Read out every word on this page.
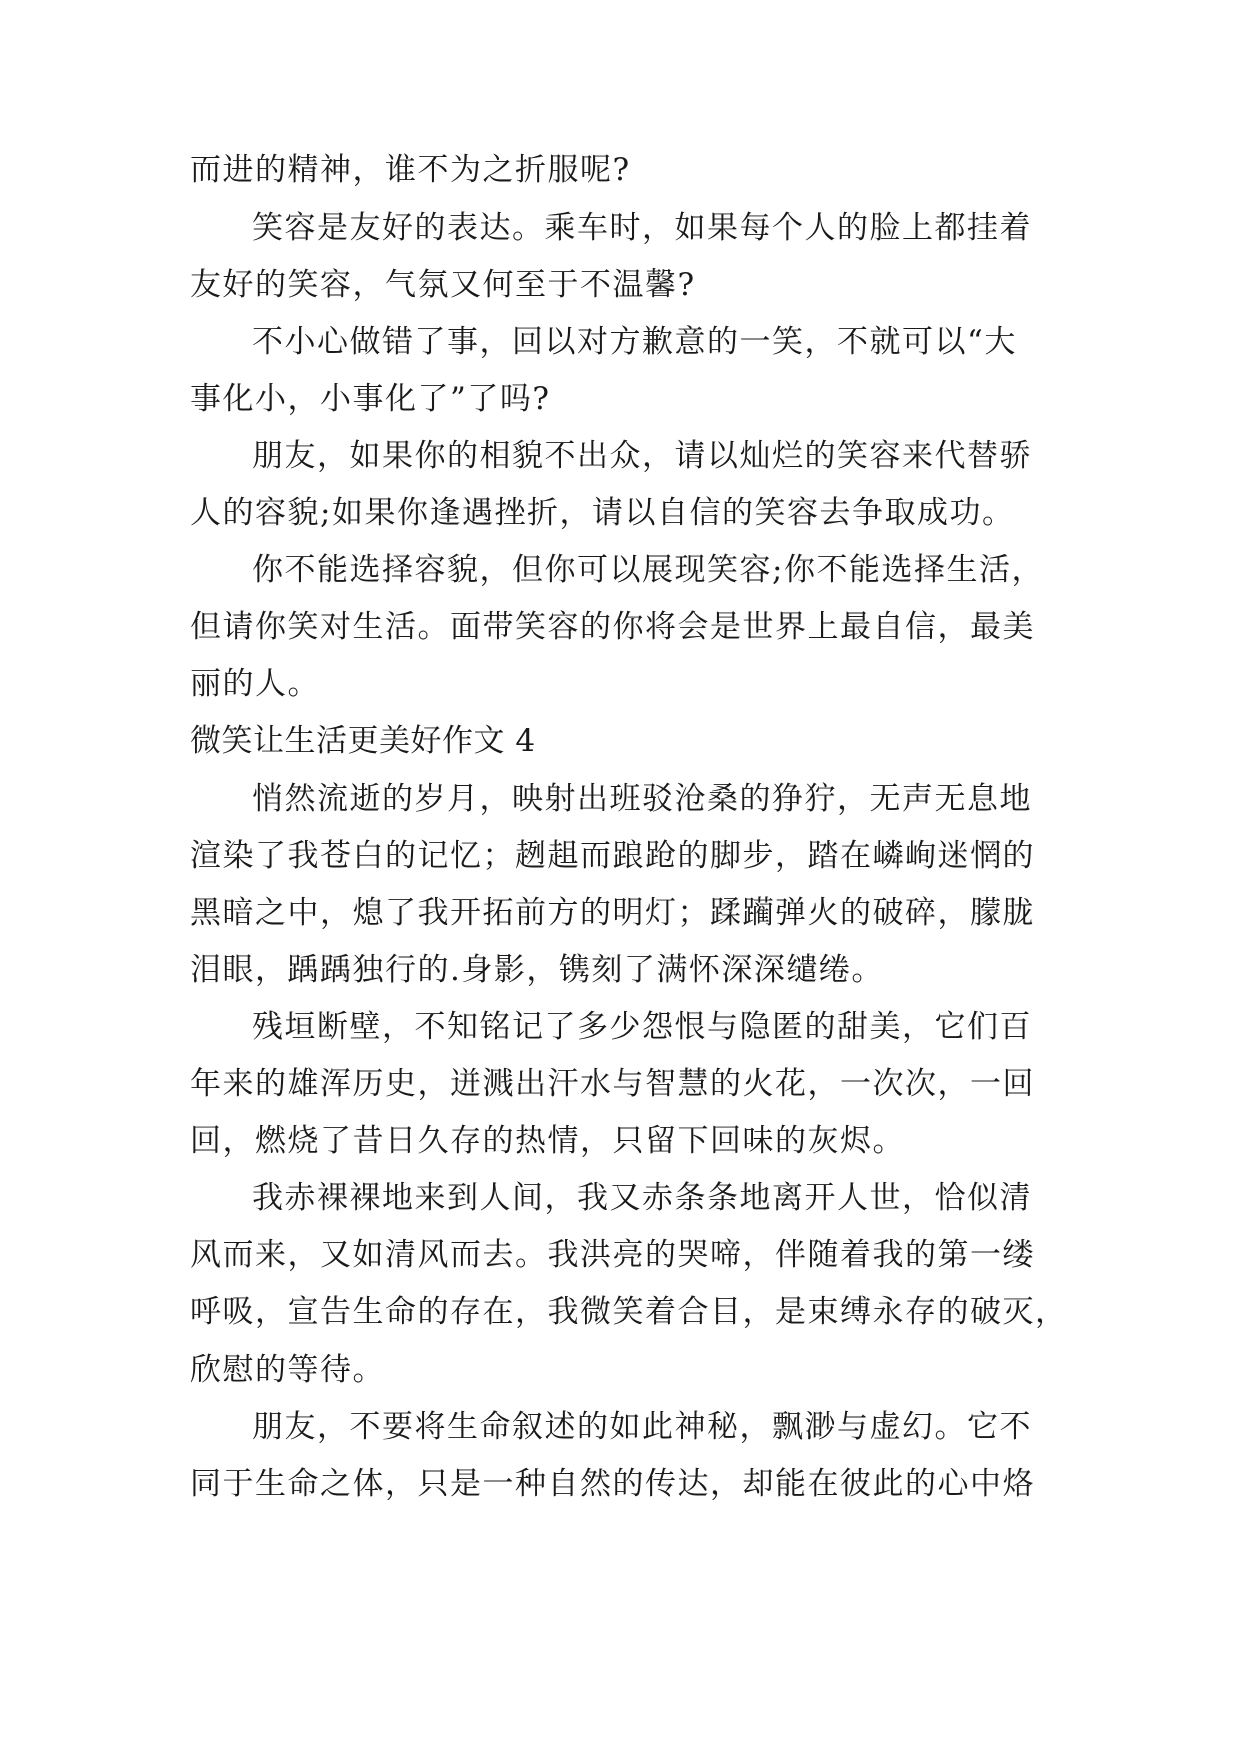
而进的精神，谁不为之折服呢?
笑容是友好的表达。乘车时，如果每个人的脸上都挂着
友好的笑容，气氛又何至于不温馨?
不小心做错了事，回以对方歉意的一笑，不就可以“大
事化小，小事化了”了吗?
朋友，如果你的相貌不出众，请以灿烂的笑容来代替骄
人的容貌;如果你逢遇挫折，请以自信的笑容去争取成功。
你不能选择容貌，但你可以展现笑容;你不能选择生活，
但请你笑对生活。面带笑容的你将会是世界上最自信，最美
丽的人。
微笑让生活更美好作文 4
悄然流逝的岁月，映射出班驳沧桑的狰狞，无声无息地
渲染了我苍白的记忆；趔趄而踉跄的脚步，踏在嶙峋迷惘的
黑暗之中，熄了我开拓前方的明灯；蹂躏弹火的破碎，朦胧
泪眼，踽踽独行的.身影，镌刻了满怀深深缱绻。
残垣断壁，不知铭记了多少怨恨与隐匿的甜美，它们百
年来的雄浑历史，迸溅出汗水与智慧的火花，一次次，一回
回，燃烧了昔日久存的热情，只留下回味的灰烬。
我赤裸裸地来到人间，我又赤条条地离开人世，恰似清
风而来，又如清风而去。我洪亮的哭啼，伴随着我的第一缕
呼吸，宣告生命的存在，我微笑着合目，是束缚永存的破灭，
欣慰的等待。
朋友，不要将生命叙述的如此神秘，飘渺与虚幻。它不
同于生命之体，只是一种自然的传达，却能在彼此的心中烙
